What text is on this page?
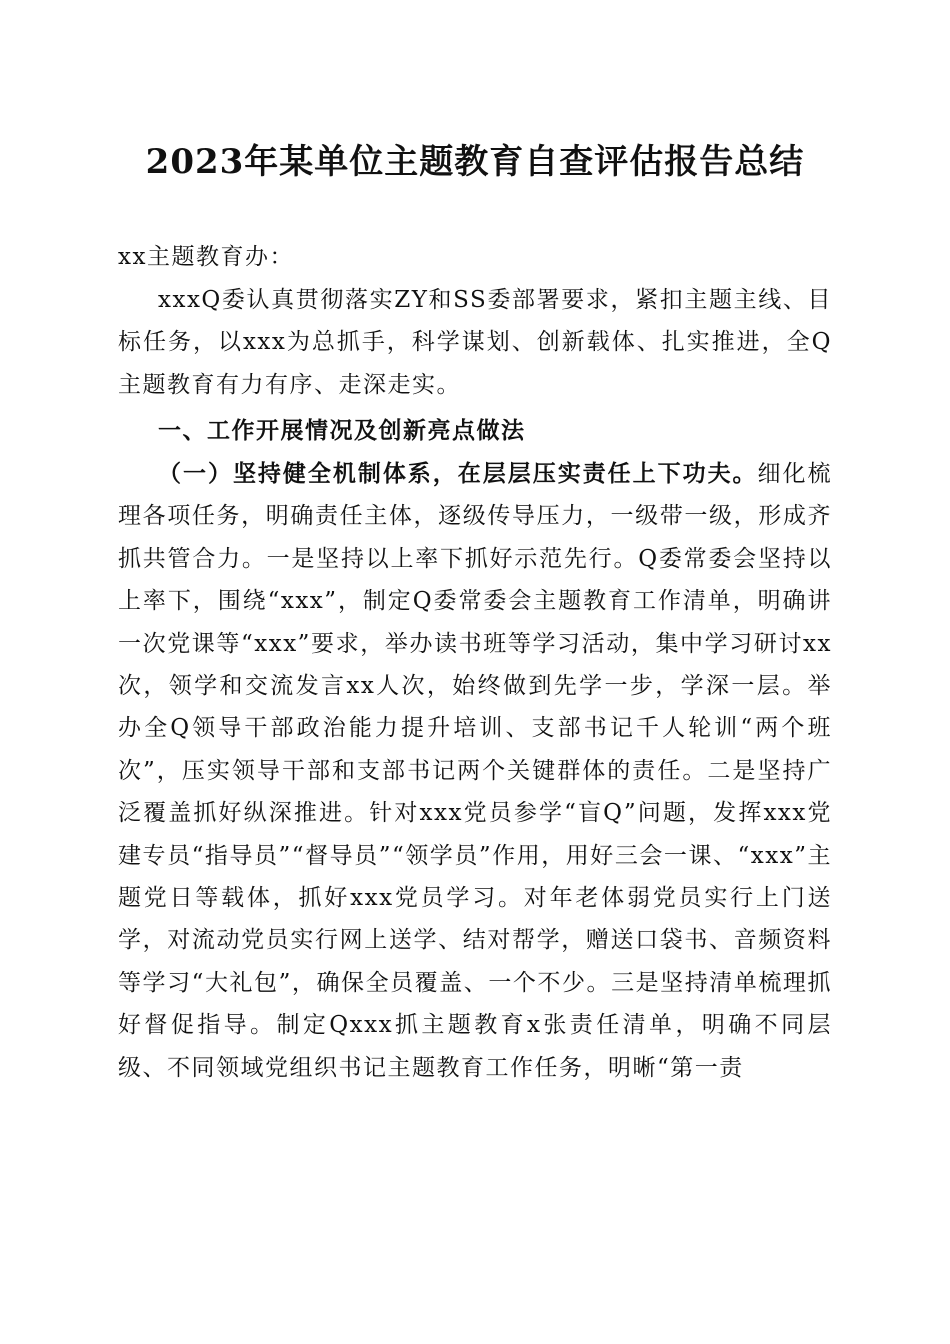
2023年某单位主题教育自查评估报告总结
xx主题教育办：

xxxQ委认真贯彻落实ZY和SS委部署要求，紧扣主题主线、目标任务，以xxx为总抓手，科学谋划、创新载体、扎实推进，全Q主题教育有力有序、走深走实。

一、工作开展情况及创新亮点做法

（一）坚持健全机制体系，在层层压实责任上下功夫。细化梳理各项任务，明确责任主体，逐级传导压力，一级带一级，形成齐抓共管合力。一是坚持以上率下抓好示范先行。Q委常委会坚持以上率下，围绕“xxx”，制定Q委常委会主题教育工作清单，明确讲一次党课等“xxx”要求，举办读书班等学习活动，集中学习研讨xx次，领学和交流发言xx人次，始终做到先学一步，学深一层。举办全Q领导干部政治能力提升培训、支部书记千人轮训“两个班次”，压实领导干部和支部书记两个关键群体的责任。二是坚持广泛覆盖抓好纵深推进。针对xxx党员参学“盲Q”问题，发挥xxx党建专员“指导员”“督导员”“领学员”作用，用好三会一课、“xxx”主题党日等载体，抓好xxx党员学习。对年老体弱党员实行上门送学，对流动党员实行网上送学、结对帮学，赠送口袋书、音频资料等学习“大礼包”，确保全员覆盖、一个不少。三是坚持清单梳理抓好督促指导。制定Qxxx抓主题教育x张责任清单，明确不同层级、不同领域党组织书记主题教育工作任务，明晰“第一责
